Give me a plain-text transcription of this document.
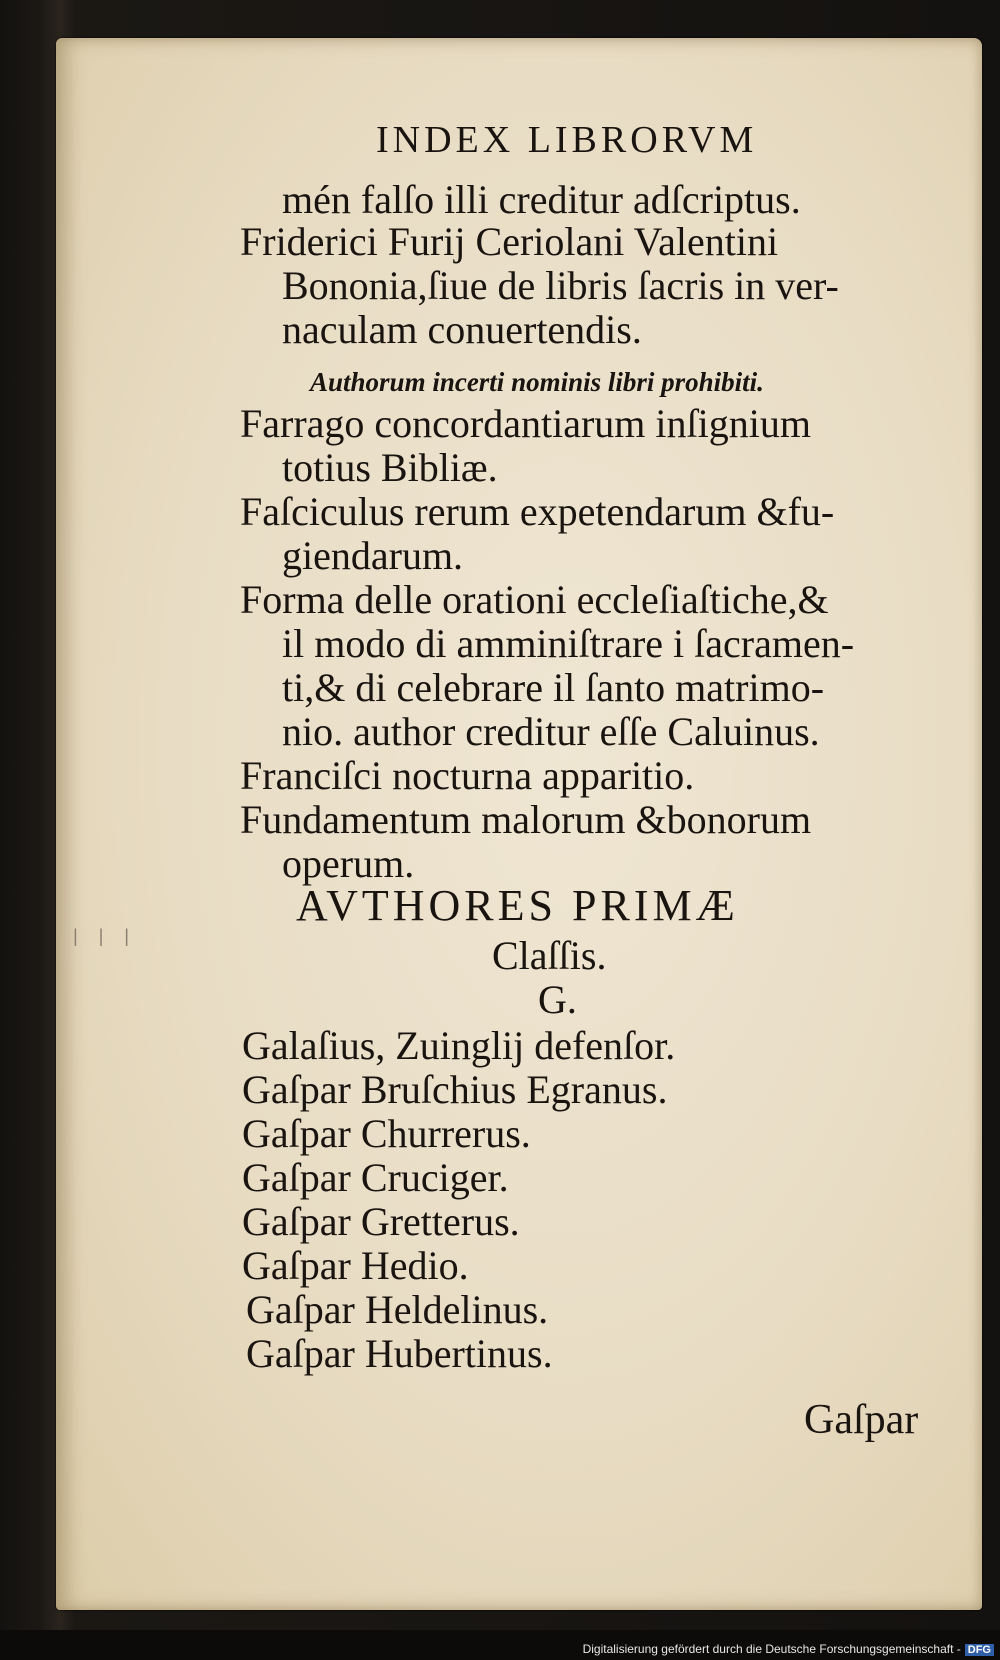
| | |
INDEX LIBRORVM
mén falſo illi creditur adſcriptus.
Friderici Furij Ceriolani Valentini
Bononia,ſiue de libris ſacris in ver-
naculam conuertendis.
Authorum incerti nominis libri prohibiti.
Farrago concordantiarum inſignium
totius Bibliæ.
Faſciculus rerum expetendarum &fu-
giendarum.
Forma delle orationi eccleſiaſtiche,&
il modo di amminiſtrare i ſacramen-
ti,& di celebrare il ſanto matrimo-
nio. author creditur eſſe Caluinus.
Franciſci nocturna apparitio.
Fundamentum malorum &bonorum
operum.
AVTHORES PRIMÆ
Claſſis.
G.
Galaſius, Zuinglij defenſor.
Gaſpar Bruſchius Egranus.
Gaſpar Churrerus.
Gaſpar Cruciger.
Gaſpar Gretterus.
Gaſpar Hedio.
Gaſpar Heldelinus.
Gaſpar Hubertinus.
Gaſpar
Digitalisierung gefördert durch die Deutsche Forschungsgemeinschaft - DFG
